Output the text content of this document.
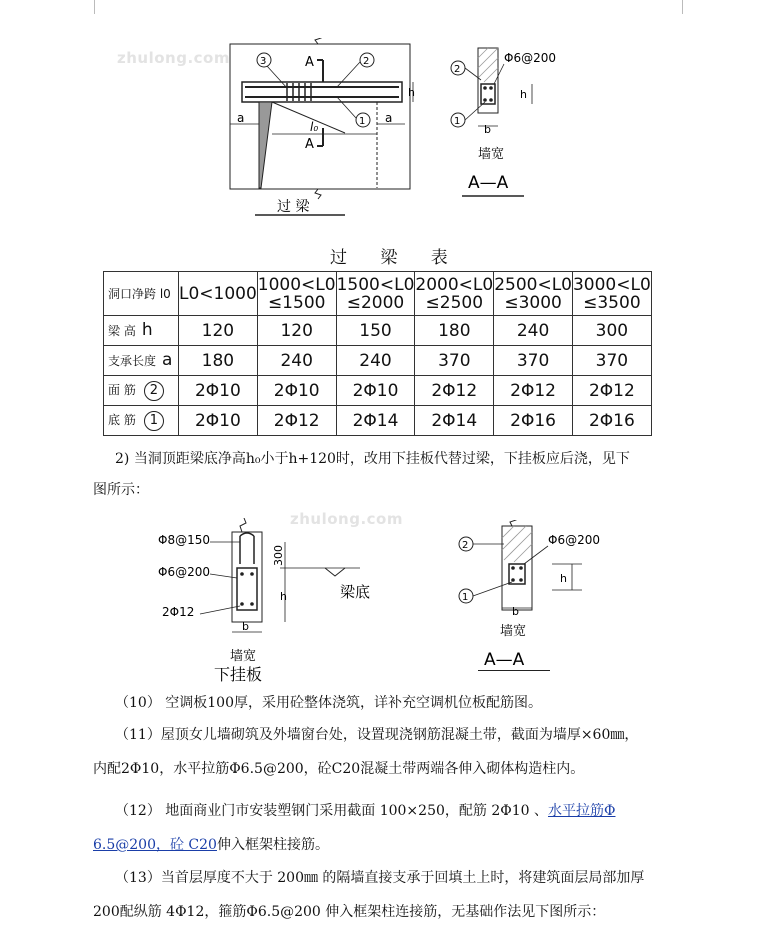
zhulong.com
zhulong.com
A
A
3	2
1
a	a
l₀
h
过 梁
2
1
Φ6@200
h
b
墙宽
A—A
过 梁 表
洞口净跨 l0	L0<1000	1000<L0 ≤1500	1500<L0 ≤2000	2000<L0 ≤2500	2500<L0 ≤3000	3000<L0 ≤3500
梁 高 h	120	120	150	180	240	300
支承长度 a	180	240	240	370	370	370
面 筋 2	2Φ10	2Φ10	2Φ10	2Φ12	2Φ12	2Φ12
底 筋 1	2Φ10	2Φ12	2Φ14	2Φ14	2Φ16	2Φ16
2) 当洞顶距梁底净高h₀小于h+120时，改用下挂板代替过梁，下挂板应后浇，见下
图所示：
Φ8@150
Φ6@200
2Φ12
300
h	梁底
b
墙宽
下挂板
2
1
Φ6@200
h
b
墙宽
A—A
（10） 空调板100厚，采用砼整体浇筑，详补充空调机位板配筋图。
（11）屋顶女儿墙砌筑及外墙窗台处，设置现浇钢筋混凝土带，截面为墙厚×60㎜，
内配2Φ10，水平拉筋Φ6.5@200，砼C20混凝土带两端各伸入砌体构造柱内。
（12） 地面商业门市安装塑钢门采用截面 100×250，配筋 2Φ10 、水平拉筋Φ
6.5@200，砼 C20伸入框架柱接筋。
（13）当首层厚度不大于 200㎜ 的隔墙直接支承于回填土上时，将建筑面层局部加厚
200配纵筋 4Φ12，箍筋Φ6.5@200 伸入框架柱连接筋，无基础作法见下图所示：
